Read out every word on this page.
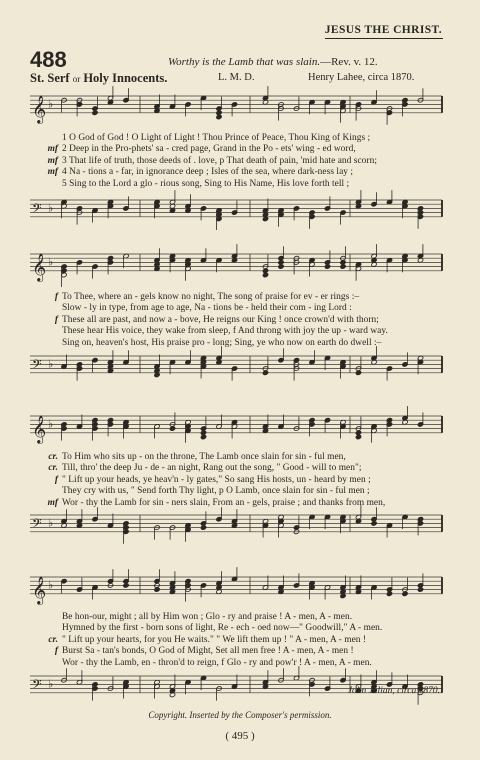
JESUS THE CHRIST.
488	Worthy is the Lamb that was slain.—Rev. v. 12.
St. Serf or Holy Innocents.	L. M. D.	Henry Lahee, circa 1870.
𝄞 ♭
1 O God of God ! O Light of Light ! Thou Prince of Peace, Thou King of Kings ;
mf 2 Deep in the Pro-phets' sa - cred page, Grand in the Po - ets' wing - ed word,
mf 3 That life of truth, those deeds of . love, p That death of pain, 'mid hate and scorn;
mf 4 Na - tions a - far, in ignorance deep ; Isles of the sea, where dark-ness lay ;
5 Sing to the Lord a glo - rious song, Sing to His Name, His love forth tell ;
𝄢 ♭
𝄞 ♭
f To Thee, where an - gels know no night, The song of praise for ev - er rings :–
Slow - ly in type, from age to age, Na - tions be - held their com - ing Lord :
f These all are past, and now a - bove, He reigns our King ! once crown'd with thorn;
These hear His voice, they wake from sleep, f And throng with joy the up - ward way.
Sing on, heaven's host, His praise pro - long; Sing, ye who now on earth do dwell :–
𝄢 ♭
𝄞 ♭
cr. To Him who sits up - on the throne, The Lamb once slain for sin - ful men,
cr. Till, thro' the deep Ju - de - an night, Rang out the song, " Good - will to men";
f " Lift up your heads, ye heav'n - ly gates," So sang His hosts, un - heard by men ;
They cry with us, " Send forth Thy light, p O Lamb, once slain for sin - ful men ;
mf Wor - thy the Lamb for sin - ners slain, From an - gels, praise ; and thanks from men,
𝄢 ♭
𝄞 ♭
Be hon-our, might ; all by Him won ; Glo - ry and praise ! A - men, A - men.
Hymned by the first - born sons of light, Re - ech - oed now—" Goodwill," A - men.
cr. " Lift up your hearts, for you He waits." " We lift them up ! " A - men, A - men !
f Burst Sa - tan's bonds, O God of Might, Set all men free ! A - men, A - men !
Wor - thy the Lamb, en - thron'd to reign, f Glo - ry and pow'r ! A - men, A - men.
𝄢 ♭
John Julian, circa 1870.
Copyright. Inserted by the Composer's permission.
( 495 )
